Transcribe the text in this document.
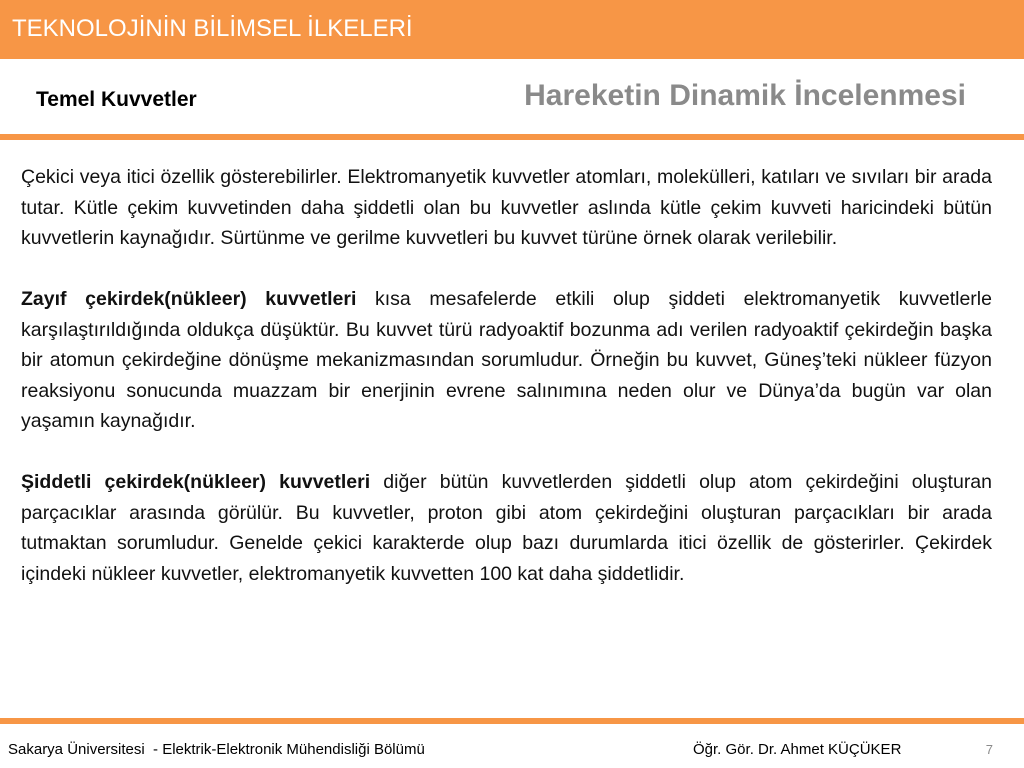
TEKNOLOJİNİN BİLİMSEL İLKELERİ
Temel Kuvvetler	Hareketin Dinamik İncelenmesi

Çekici veya itici özellik gösterebilirler. Elektromanyetik kuvvetler atomları, molekülleri, katıları ve sıvıları bir arada tutar. Kütle çekim kuvvetinden daha şiddetli olan bu kuvvetler aslında kütle çekim kuvveti haricindeki bütün kuvvetlerin kaynağıdır. Sürtünme ve gerilme kuvvetleri bu kuvvet türüne örnek olarak verilebilir.

Zayıf çekirdek(nükleer) kuvvetleri kısa mesafelerde etkili olup şiddeti elektromanyetik kuvvetlerle karşılaştırıldığında oldukça düşüktür. Bu kuvvet türü radyoaktif bozunma adı verilen radyoaktif çekirdeğin başka bir atomun çekirdeğine dönüşme mekanizmasından sorumludur. Örneğin bu kuvvet, Güneş’teki nükleer füzyon reaksiyonu sonucunda muazzam bir enerjinin evrene salınımına neden olur ve Dünya’da bugün var olan yaşamın kaynağıdır.

Şiddetli çekirdek(nükleer) kuvvetleri diğer bütün kuvvetlerden şiddetli olup atom çekirdeğini oluşturan parçacıklar arasında görülür. Bu kuvvetler, proton gibi atom çekirdeğini oluşturan parçacıkları bir arada tutmaktan sorumludur. Genelde çekici karakterde olup bazı durumlarda itici özellik de gösterirler. Çekirdek içindeki nükleer kuvvetler, elektromanyetik kuvvetten 100 kat daha şiddetlidir.

Sakarya Üniversitesi  - Elektrik-Elektronik Mühendisliği Bölümü	Öğr. Gör. Dr. Ahmet KÜÇÜKER	7
